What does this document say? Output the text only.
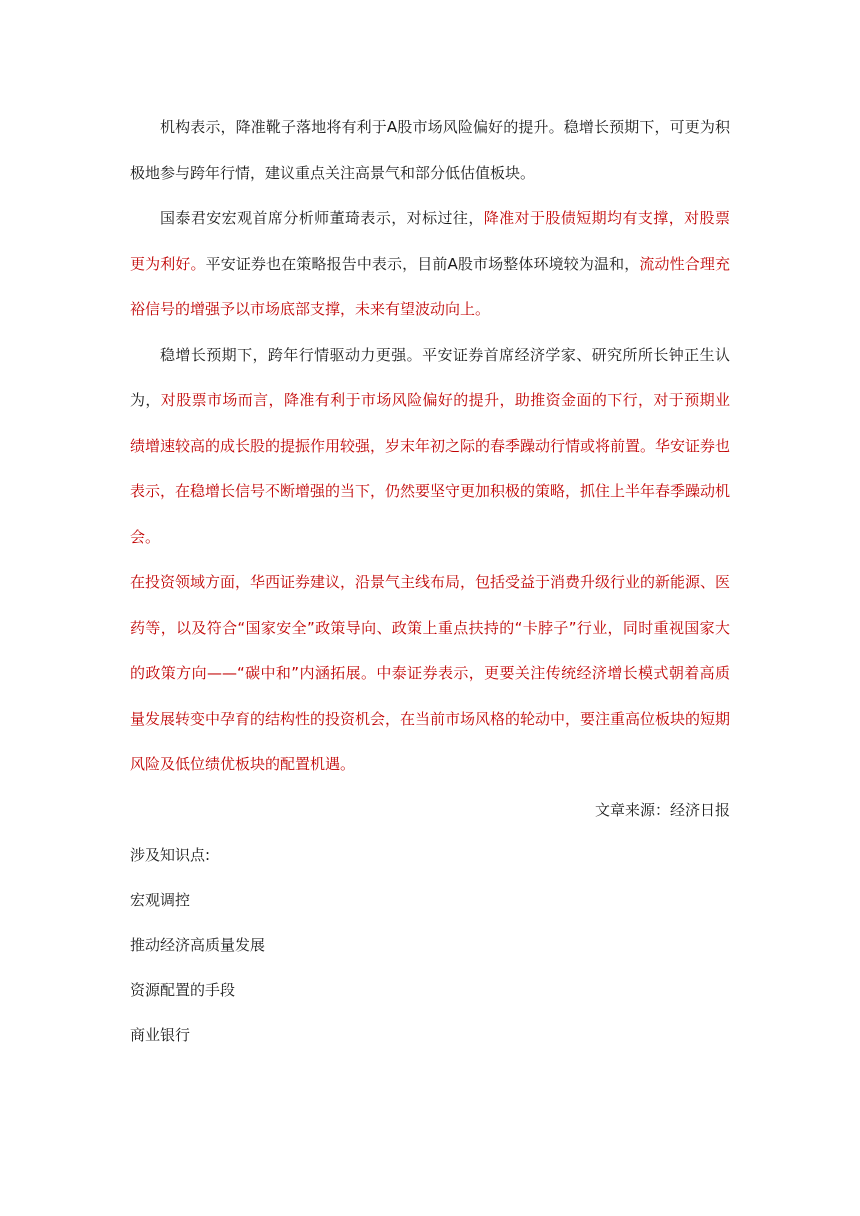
机构表示，降准靴子落地将有利于A股市场风险偏好的提升。稳增长预期下，可更为积极地参与跨年行情，建议重点关注高景气和部分低估值板块。

国泰君安宏观首席分析师董琦表示，对标过往，降准对于股债短期均有支撑，对股票更为利好。平安证券也在策略报告中表示，目前A股市场整体环境较为温和，流动性合理充裕信号的增强予以市场底部支撑，未来有望波动向上。

稳增长预期下，跨年行情驱动力更强。平安证券首席经济学家、研究所所长钟正生认为，对股票市场而言，降准有利于市场风险偏好的提升，助推资金面的下行，对于预期业绩增速较高的成长股的提振作用较强，岁末年初之际的春季躁动行情或将前置。华安证券也表示，在稳增长信号不断增强的当下，仍然要坚守更加积极的策略，抓住上半年春季躁动机会。

在投资领域方面，华西证券建议，沿景气主线布局，包括受益于消费升级行业的新能源、医药等，以及符合“国家安全”政策导向、政策上重点扶持的“卡脖子”行业，同时重视国家大的政策方向——“碳中和”内涵拓展。中泰证券表示，更要关注传统经济增长模式朝着高质量发展转变中孕育的结构性的投资机会，在当前市场风格的轮动中，要注重高位板块的短期风险及低位绩优板块的配置机遇。

文章来源：经济日报

涉及知识点:

宏观调控

推动经济高质量发展

资源配置的手段

商业银行
